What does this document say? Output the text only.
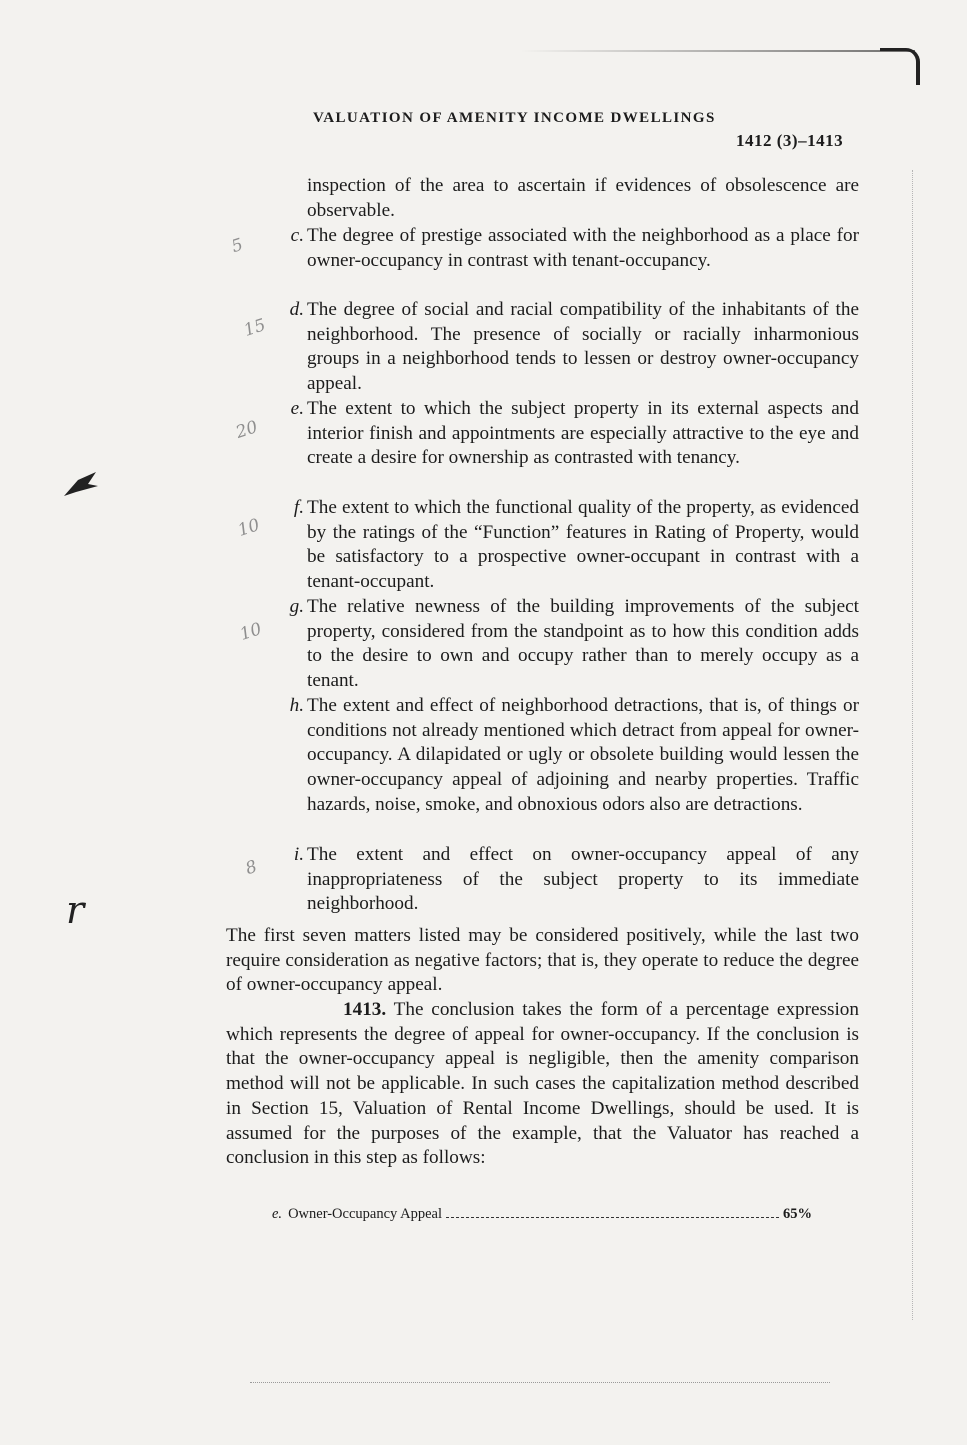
VALUATION OF AMENITY INCOME DWELLINGS
1412 (3)–1413
inspection of the area to ascertain if evidences of obsolescence are observable.
c. The degree of prestige associated with the neighborhood as a place for owner-occupancy in contrast with tenant-occupancy.
d. The degree of social and racial compatibility of the inhabitants of the neighborhood. The presence of socially or racially inharmonious groups in a neighborhood tends to lessen or destroy owner-occupancy appeal.
e. The extent to which the subject property in its external aspects and interior finish and appointments are especially attractive to the eye and create a desire for ownership as contrasted with tenancy.
f. The extent to which the functional quality of the property, as evidenced by the ratings of the “Function” features in Rating of Property, would be satisfactory to a prospective owner-occupant in contrast with a tenant-occupant.
g. The relative newness of the building improvements of the subject property, considered from the standpoint as to how this condition adds to the desire to own and occupy rather than to merely occupy as a tenant.
h. The extent and effect of neighborhood detractions, that is, of things or conditions not already mentioned which detract from appeal for owner-occupancy. A dilapidated or ugly or obsolete building would lessen the owner-occupancy appeal of adjoining and nearby properties. Traffic hazards, noise, smoke, and obnoxious odors also are detractions.
i. The extent and effect on owner-occupancy appeal of any inappropriateness of the subject property to its immediate neighborhood.
The first seven matters listed may be considered positively, while the last two require consideration as negative factors; that is, they operate to reduce the degree of owner-occupancy appeal.
1413. The conclusion takes the form of a percentage expression which represents the degree of appeal for owner-occupancy. If the conclusion is that the owner-occupancy appeal is negligible, then the amenity comparison method will not be applicable. In such cases the capitalization method described in Section 15, Valuation of Rental Income Dwellings, should be used. It is assumed for the purposes of the example, that the Valuator has reached a conclusion in this step as follows:
e. Owner-Occupancy Appeal	65%
5
15
20
10
10
8
r
